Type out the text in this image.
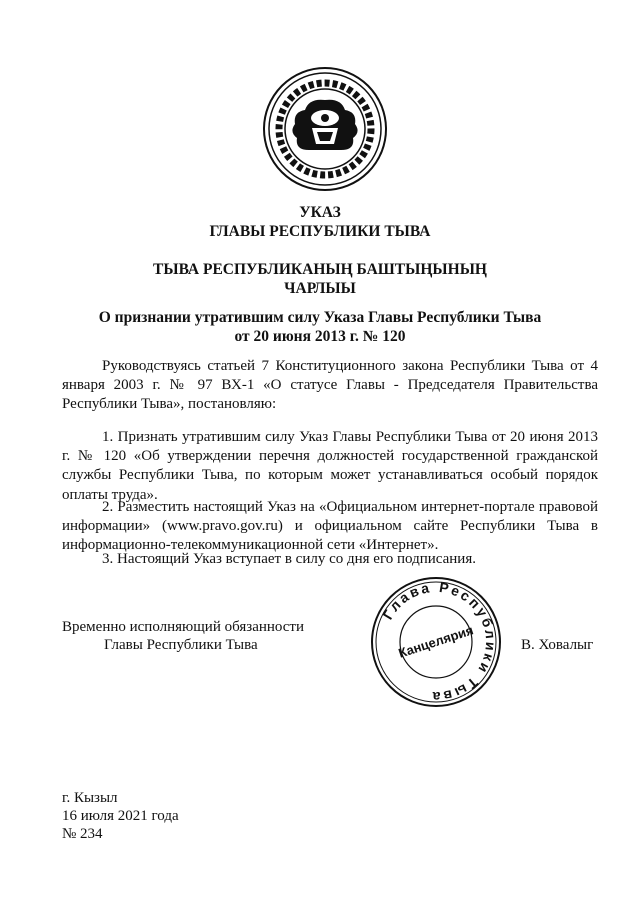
УКАЗ
ГЛАВЫ РЕСПУБЛИКИ ТЫВА
ТЫВА РЕСПУБЛИКАНЫҢ БАШТЫҢЫНЫҢ
ЧАРЛЫЫ
О признании утратившим силу Указа Главы Республики Тыва
от 20 июня 2013 г. № 120

Руководствуясь статьей 7 Конституционного закона Республики Тыва от 4 января 2003 г. № 97 ВХ-1 «О статусе Главы - Председателя Правительства Республики Тыва», постановляю:

1. Признать утратившим силу Указ Главы Республики Тыва от 20 июня 2013 г. № 120 «Об утверждении перечня должностей государственной гражданской службы Республики Тыва, по которым может устанавливаться особый порядок оплаты труда».

2. Разместить настоящий Указ на «Официальном интернет-портале правовой информации» (www.pravo.gov.ru) и официальном сайте Республики Тыва в информационно-телекоммуникационной сети «Интернет».

3. Настоящий Указ вступает в силу со дня его подписания.

Временно исполняющий обязанности

Главы Республики Тыва	В. Ховалыг

Глава Республики Тыва
Канцелярия

г. Кызыл

16 июля 2021 года

№ 234
